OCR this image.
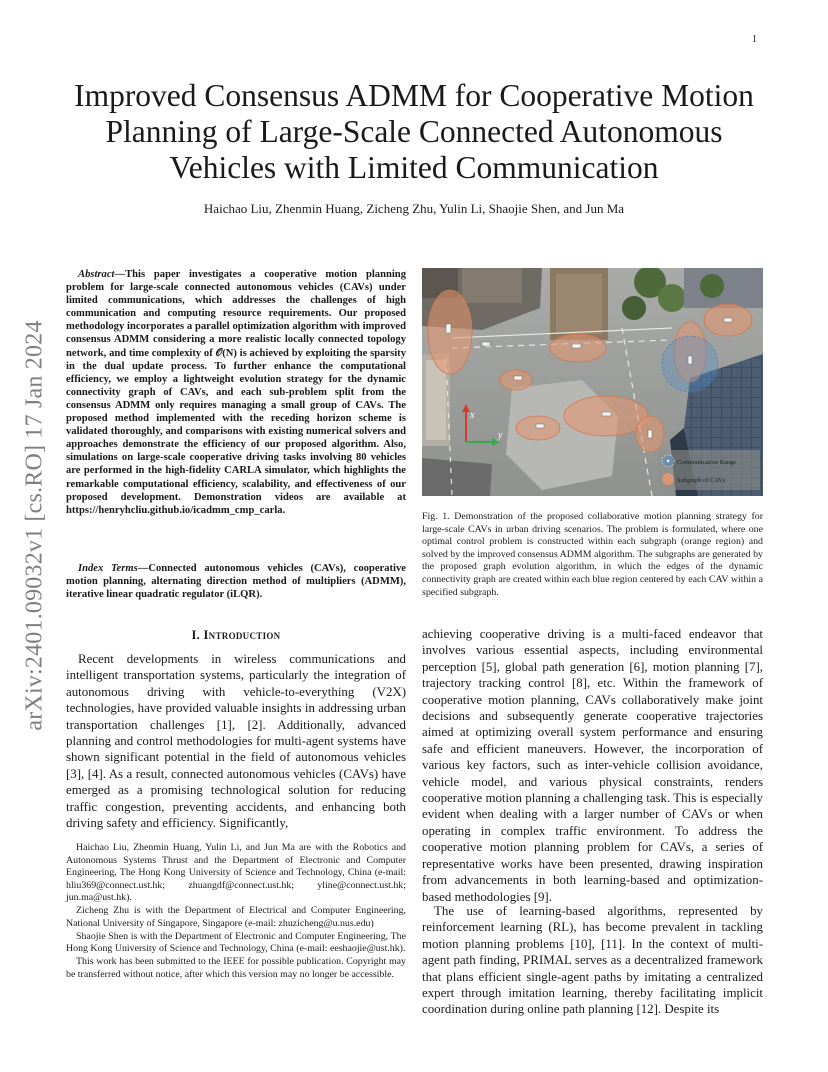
1
arXiv:2401.09032v1 [cs.RO] 17 Jan 2024
Improved Consensus ADMM for Cooperative Motion Planning of Large-Scale Connected Autonomous Vehicles with Limited Communication
Haichao Liu, Zhenmin Huang, Zicheng Zhu, Yulin Li, Shaojie Shen, and Jun Ma

Abstract—This paper investigates a cooperative motion planning problem for large-scale connected autonomous vehicles (CAVs) under limited communications, which addresses the challenges of high communication and computing resource requirements. Our proposed methodology incorporates a parallel optimization algorithm with improved consensus ADMM considering a more realistic locally connected topology network, and time complexity of 𝒪(N) is achieved by exploiting the sparsity in the dual update process. To further enhance the computational efficiency, we employ a lightweight evolution strategy for the dynamic connectivity graph of CAVs, and each sub-problem split from the consensus ADMM only requires managing a small group of CAVs. The proposed method implemented with the receding horizon scheme is validated thoroughly, and comparisons with existing numerical solvers and approaches demonstrate the efficiency of our proposed algorithm. Also, simulations on large-scale cooperative driving tasks involving 80 vehicles are performed in the high-fidelity CARLA simulator, which highlights the remarkable computational efficiency, scalability, and effectiveness of our proposed development. Demonstration videos are available at https://henryhcliu.github.io/icadmm_cmp_carla.

Index Terms—Connected autonomous vehicles (CAVs), cooperative motion planning, alternating direction method of multipliers (ADMM), iterative linear quadratic regulator (iLQR).

I. Introduction

Recent developments in wireless communications and intelligent transportation systems, particularly the integration of autonomous driving with vehicle-to-everything (V2X) technologies, have provided valuable insights in addressing urban transportation challenges [1], [2]. Additionally, advanced planning and control methodologies for multi-agent systems have shown significant potential in the field of autonomous vehicles [3], [4]. As a result, connected autonomous vehicles (CAVs) have emerged as a promising technological solution for reducing traffic congestion, preventing accidents, and enhancing both driving safety and efficiency. Significantly,

Haichao Liu, Zhenmin Huang, Yulin Li, and Jun Ma are with the Robotics and Autonomous Systems Thrust and the Department of Electronic and Computer Engineering, The Hong Kong University of Science and Technology, China (e-mail: hliu369@connect.ust.hk; zhuangdf@connect.ust.hk; yline@connect.ust.hk; jun.ma@ust.hk).

Zicheng Zhu is with the Department of Electrical and Computer Engineering, National University of Singapore, Singapore (e-mail: zhuzicheng@u.nus.edu)

Shaojie Shen is with the Department of Electronic and Computer Engineering, The Hong Kong University of Science and Technology, China (e-mail: eeshaojie@ust.hk).

This work has been submitted to the IEEE for possible publication. Copyright may be transferred without notice, after which this version may no longer be accessible.

x
y
Communication Range
Subgraph of CAVs

Fig. 1. Demonstration of the proposed collaborative motion planning strategy for large-scale CAVs in urban driving scenarios. The problem is formulated, where one optimal control problem is constructed within each subgraph (orange region) and solved by the improved consensus ADMM algorithm. The subgraphs are generated by the proposed graph evolution algorithm, in which the edges of the dynamic connectivity graph are created within each blue region centered by each CAV within a specified subgraph.

achieving cooperative driving is a multi-faced endeavor that involves various essential aspects, including environmental perception [5], global path generation [6], motion planning [7], trajectory tracking control [8], etc. Within the framework of cooperative motion planning, CAVs collaboratively make joint decisions and subsequently generate cooperative trajectories aimed at optimizing overall system performance and ensuring safe and efficient maneuvers. However, the incorporation of various key factors, such as inter-vehicle collision avoidance, vehicle model, and various physical constraints, renders cooperative motion planning a challenging task. This is especially evident when dealing with a larger number of CAVs or when operating in complex traffic environment. To address the cooperative motion planning problem for CAVs, a series of representative works have been presented, drawing inspiration from advancements in both learning-based and optimization-based methodologies [9].

The use of learning-based algorithms, represented by reinforcement learning (RL), has become prevalent in tackling motion planning problems [10], [11]. In the context of multi-agent path finding, PRIMAL serves as a decentralized framework that plans efficient single-agent paths by imitating a centralized expert through imitation learning, thereby facilitating implicit coordination during online path planning [12]. Despite its
